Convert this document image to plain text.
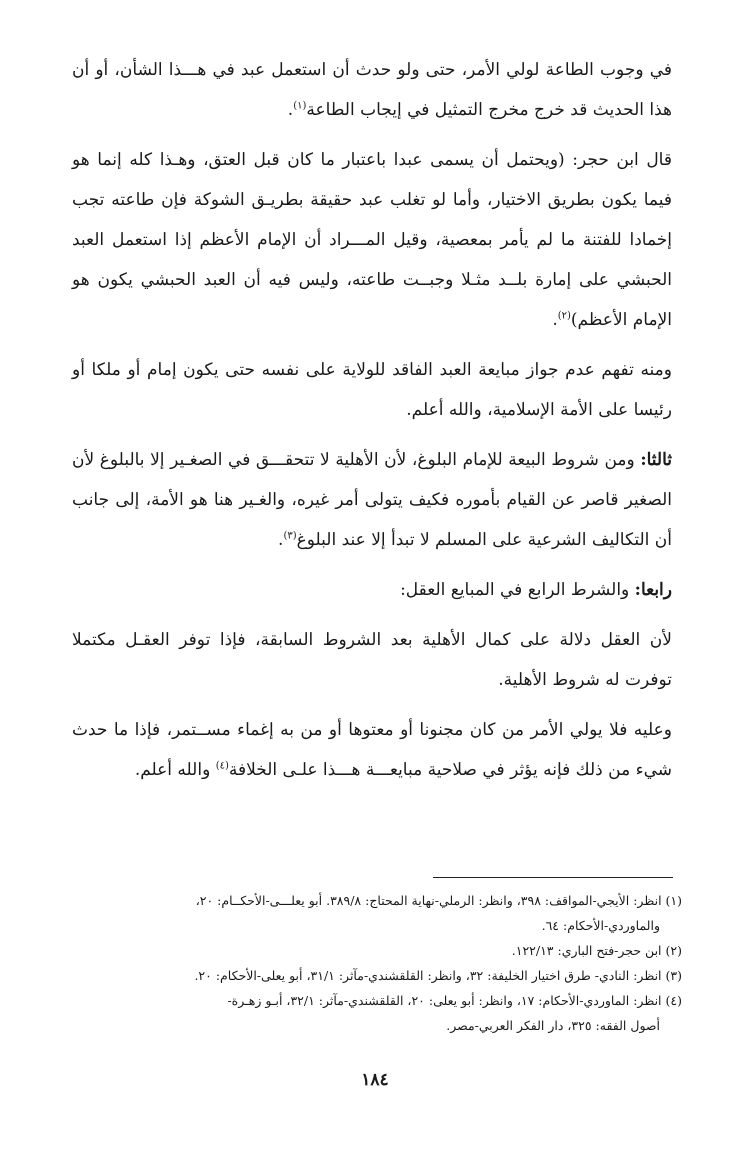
في وجوب الطاعة لولي الأمر، حتى ولو حدث أن استعمل عبد في هـــذا الشأن، أو أن هذا الحديث قد خرج مخرج التمثيل في إيجاب الطاعة$^{(١)}$.

قال ابن حجر: (ويحتمل أن يسمى عبدا باعتبار ما كان قبل العتق، وهـذا كله إنما هو فيما يكون بطريق الاختيار، وأما لو تغلب عبد حقيقة بطريـق الشوكة فإن طاعته تجب إخمادا للفتنة ما لم يأمر بمعصية، وقيل المـــراد أن الإمام الأعظم إذا استعمل العبد الحبشي على إمارة بلــد مثـلا وجبــت طاعته، وليس فيه أن العبد الحبشي يكون هو الإمام الأعظم)$^{(٢)}$.

ومنه تفهم عدم جواز مبايعة العبد الفاقد للولاية على نفسه حتى يكون إمام أو ملكا أو رئيسا على الأمة الإسلامية، والله أعلم.

ثالثا: ومن شروط البيعة للإمام البلوغ، لأن الأهلية لا تتحقـــق في الصغـير إلا بالبلوغ لأن الصغير قاصر عن القيام بأموره فكيف يتولى أمر غيره، والغـير هنا هو الأمة، إلى جانب أن التكاليف الشرعية على المسلم لا تبدأ إلا عند البلوغ$^{(٣)}$.

رابعا: والشرط الرابع في المبايع العقل:

لأن العقل دلالة على كمال الأهلية بعد الشروط السابقة، فإذا توفر العقـل مكتملا توفرت له شروط الأهلية.

وعليه فلا يولي الأمر من كان مجنونا أو معتوها أو من به إغماء مســتمر، فإذا ما حدث شيء من ذلك فإنه يؤثر في صلاحية مبايعـــة هـــذا علـى الخلافة$^{(٤)}$ والله أعلم.

(١) انظر: الأيجي-المواقف: ٣٩٨، وانظر: الرملي-نهاية المحتاج: ٣٨٩/٨. أبو يعلـــى-الأحكــام: ٢٠،

والماوردي-الأحكام: ٦٤.

(٢) ابن حجر-فتح الباري: ١٢٢/١٣.

(٣) انظر: النادي- طرق اختيار الخليفة: ٣٢، وانظر: القلقشندي-مآثر: ٣١/١، أبو يعلى-الأحكام: ٢٠.

(٤) انظر: الماوردي-الأحكام: ١٧، وانظر: أبو يعلى: ٢٠، القلقشندي-مآثر: ٣٢/١، أبـو زهـرة-

أصول الفقه: ٣٢٥، دار الفكر العربي-مصر.

١٨٤
